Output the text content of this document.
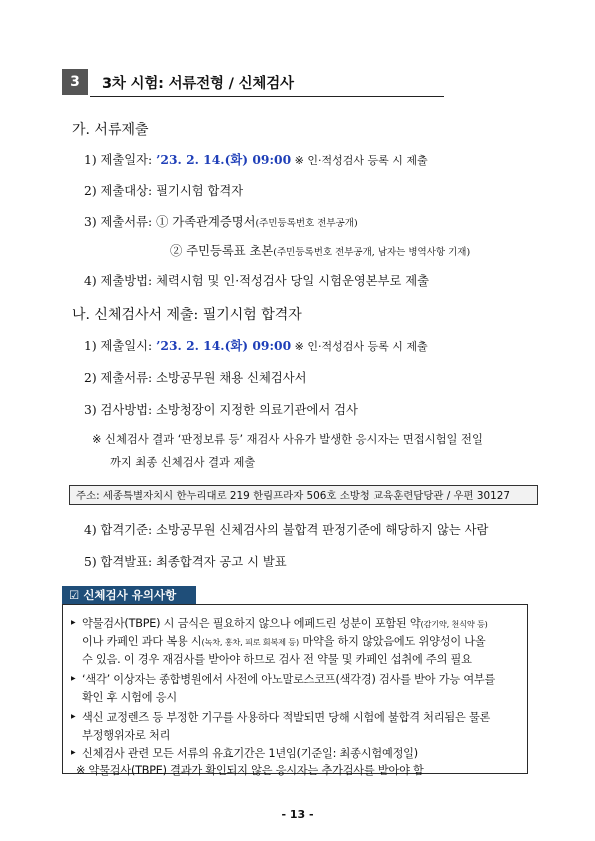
3	3차 시험: 서류전형 / 신체검사
가. 서류제출
1) 제출일자: ’23. 2. 14.(화) 09:00 ※ 인·적성검사 등록 시 제출
2) 제출대상: 필기시험 합격자
3) 제출서류: ① 가족관계증명서(주민등록번호 전부공개)
② 주민등록표 초본(주민등록번호 전부공개, 남자는 병역사항 기재)
4) 제출방법: 체력시험 및 인·적성검사 당일 시험운영본부로 제출
나. 신체검사서 제출: 필기시험 합격자
1) 제출일시: ’23. 2. 14.(화) 09:00 ※ 인·적성검사 등록 시 제출
2) 제출서류: 소방공무원 채용 신체검사서
3) 검사방법: 소방청장이 지정한 의료기관에서 검사
※ 신체검사 결과 ‘판정보류 등’ 재검사 사유가 발생한 응시자는 면접시험일 전일
까지 최종 신체검사 결과 제출
주소: 세종특별자치시 한누리대로 219 한림프라자 506호 소방청 교육훈련담당관 / 우편 30127
4) 합격기준: 소방공무원 신체검사의 불합격 판정기준에 해당하지 않는 사람
5) 합격발표: 최종합격자 공고 시 발표
☑ 신체검사 유의사항
▶ 약물검사(TBPE) 시 금식은 필요하지 않으나 에페드린 성분이 포함된 약(감기약, 천식약 등)
이나 카페인 과다 복용 시(녹차, 홍차, 피로 회복제 등) 마약을 하지 않았음에도 위양성이 나올
수 있음. 이 경우 재검사를 받아야 하므로 검사 전 약물 및 카페인 섭취에 주의 필요
▶ ‘색각’ 이상자는 종합병원에서 사전에 아노말로스코프(색각경) 검사를 받아 가능 여부를
확인 후 시험에 응시
▶ 색신 교정렌즈 등 부정한 기구를 사용하다 적발되면 당해 시험에 불합격 처리됨은 물론
부정행위자로 처리
▶ 신체검사 관련 모든 서류의 유효기간은 1년임(기준일: 최종시험예정일)
※ 약물검사(TBPE) 결과가 확인되지 않은 응시자는 추가검사를 받아야 함
- 13 -
